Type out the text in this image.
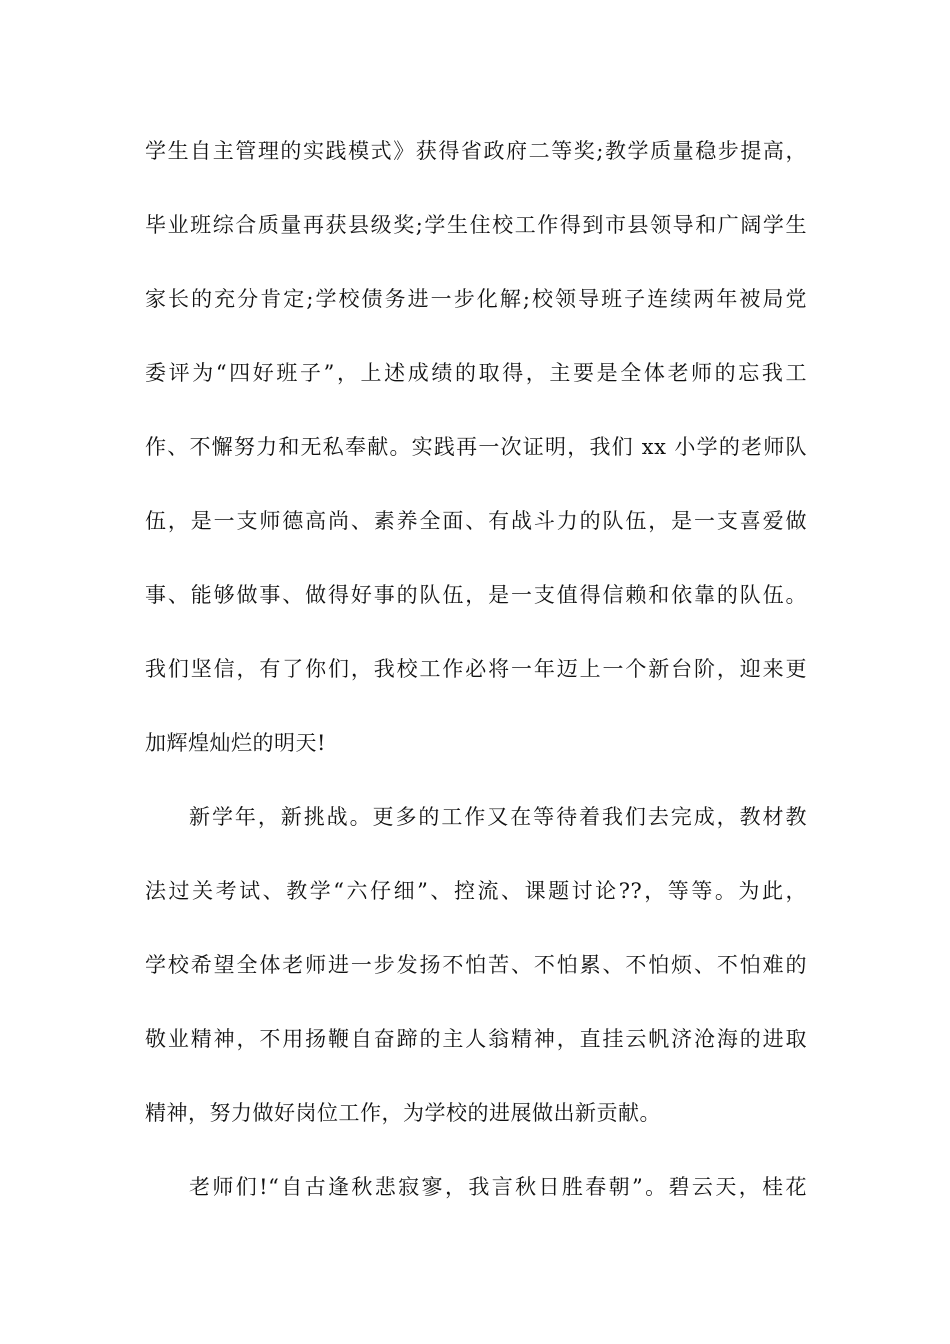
学生自主管理的实践模式》获得省政府二等奖;教学质量稳步提高，
毕业班综合质量再获县级奖;学生住校工作得到市县领导和广阔学生
家长的充分肯定;学校债务进一步化解;校领导班子连续两年被局党
委评为“四好班子”，上述成绩的取得，主要是全体老师的忘我工
作、不懈努力和无私奉献。实践再一次证明，我们 xx 小学的老师队
伍，是一支师德高尚、素养全面、有战斗力的队伍，是一支喜爱做
事、能够做事、做得好事的队伍，是一支值得信赖和依靠的队伍。
我们坚信，有了你们，我校工作必将一年迈上一个新台阶，迎来更
加辉煌灿烂的明天!
新学年，新挑战。更多的工作又在等待着我们去完成，教材教
法过关考试、教学“六仔细”、控流、课题讨论??，等等。为此，
学校希望全体老师进一步发扬不怕苦、不怕累、不怕烦、不怕难的
敬业精神，不用扬鞭自奋蹄的主人翁精神，直挂云帆济沧海的进取
精神，努力做好岗位工作，为学校的进展做出新贡献。
老师们!“自古逢秋悲寂寥，我言秋日胜春朝”。碧云天，桂花
